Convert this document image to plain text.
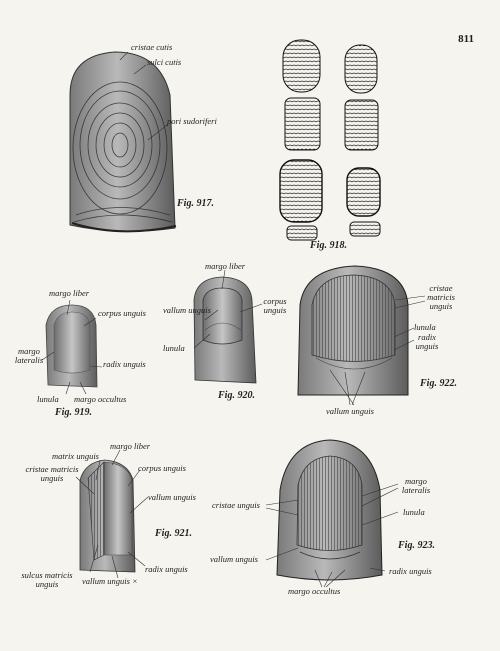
811
cristae cutis
sulci cutis
pori sudoriferi
Fig. 917.
Fig. 918.
margo liber
corpus unguis
margo
lateralis	radix unguis
lunula margo occultus
Fig. 919.
margo liber
corpus
unguis
vallum unguis
lunula
Fig. 920.
cristae
matricis
unguis
lunula
radix
unguis
Fig. 922.
vallum unguis
matrix unguis
margo liber
cristae matricis
unguis
corpus unguis
vallum unguis
Fig. 921.
radix unguis
sulcus matricis
unguis	vallum unguis ×
margo
lateralis
cristae unguis
lunula
Fig. 923.
vallum unguis
radix unguis
margo occultus
